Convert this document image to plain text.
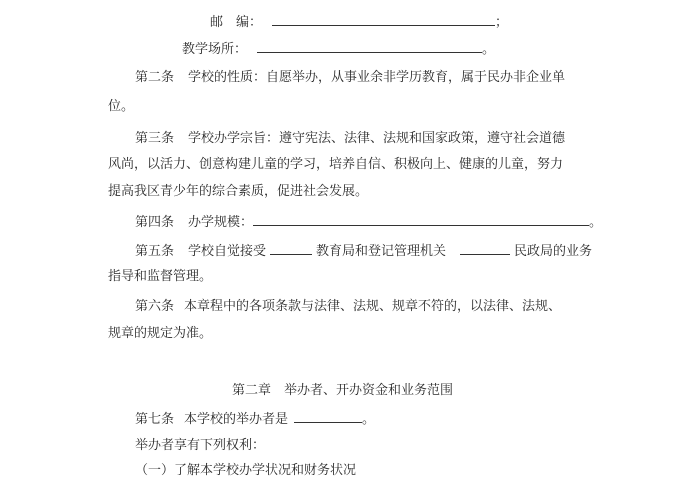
邮　编：	；
教学场所：	。
第二条 学校的性质：自愿举办，从事业余非学历教育，属于民办非企业单
位。
第三条 学校办学宗旨：遵守宪法、法律、法规和国家政策，遵守社会道德
风尚，以活力、创意构建儿童的学习，培养自信、积极向上、健康的儿童，努力
提高我区青少年的综合素质，促进社会发展。
第四条 办学规模：	。
第五条 学校自觉接受	教育局和登记管理机关	民政局的业务
指导和监督管理。
第六条 本章程中的各项条款与法律、法规、规章不符的，以法律、法规、
规章的规定为准。
第二章　举办者、开办资金和业务范围
第七条 本学校的举办者是	。
举办者享有下列权利：
（一）了解本学校办学状况和财务状况
